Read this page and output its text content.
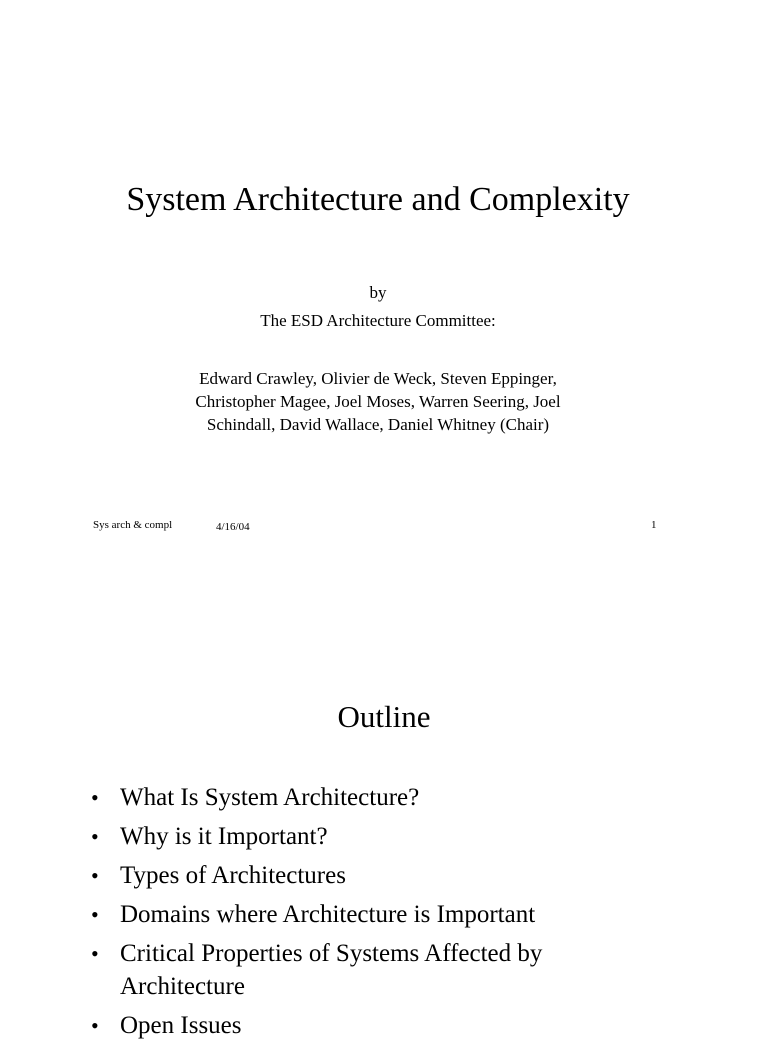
System Architecture and Complexity
by
The ESD Architecture Committee:
Edward Crawley, Olivier de Weck, Steven Eppinger,
Christopher Magee, Joel Moses, Warren Seering, Joel
Schindall, David Wallace, Daniel Whitney (Chair)
Sys arch & compl	4/16/04	1
Outline
• What Is System Architecture?
• Why is it Important?
• Types of Architectures
• Domains where Architecture is Important
• Critical Properties of Systems Affected by Architecture
• Open Issues
